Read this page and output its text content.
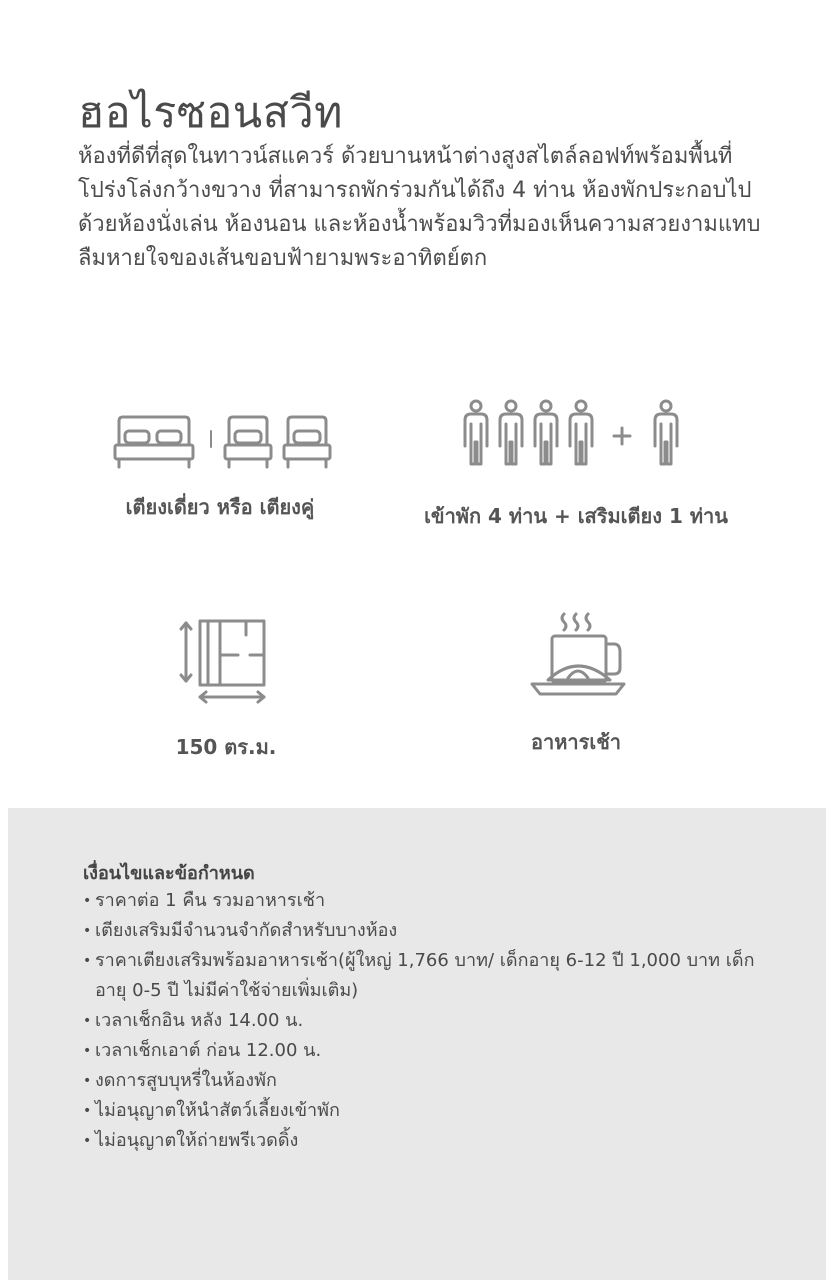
ฮอไรซอนสวีท

ห้องที่ดีที่สุดในทาวน์สแควร์ ด้วยบานหน้าต่างสูงสไตล์ลอฟท์พร้อมพื้นที่โปร่งโล่งกว้างขวาง ที่สามารถพักร่วมกันได้ถึง 4 ท่าน ห้องพักประกอบไปด้วยห้องนั่งเล่น ห้องนอน และห้องน้ำพร้อมวิวที่มองเห็นความสวยงามแทบลืมหายใจของเส้นขอบฟ้ายามพระอาทิตย์ตก

เตียงเดี่ยว หรือ เตียงคู่	เข้าพัก 4 ท่าน + เสริมเตียง 1 ท่าน
150 ตร.ม.	อาหารเช้า
เงื่อนไขและข้อกำหนด
• ราคาต่อ 1 คืน รวมอาหารเช้า
• เตียงเสริมมีจำนวนจำกัดสำหรับบางห้อง
• ราคาเตียงเสริมพร้อมอาหารเช้า(ผู้ใหญ่ 1,766 บาท/ เด็กอายุ 6-12 ปี 1,000 บาท เด็กอายุ 0-5 ปี ไม่มีค่าใช้จ่ายเพิ่มเติม)
• เวลาเช็กอิน หลัง 14.00 น.
• เวลาเช็กเอาต์ ก่อน 12.00 น.
• งดการสูบบุหรี่ในห้องพัก
• ไม่อนุญาตให้นำสัตว์เลี้ยงเข้าพัก
• ไม่อนุญาตให้ถ่ายพรีเวดดิ้ง
